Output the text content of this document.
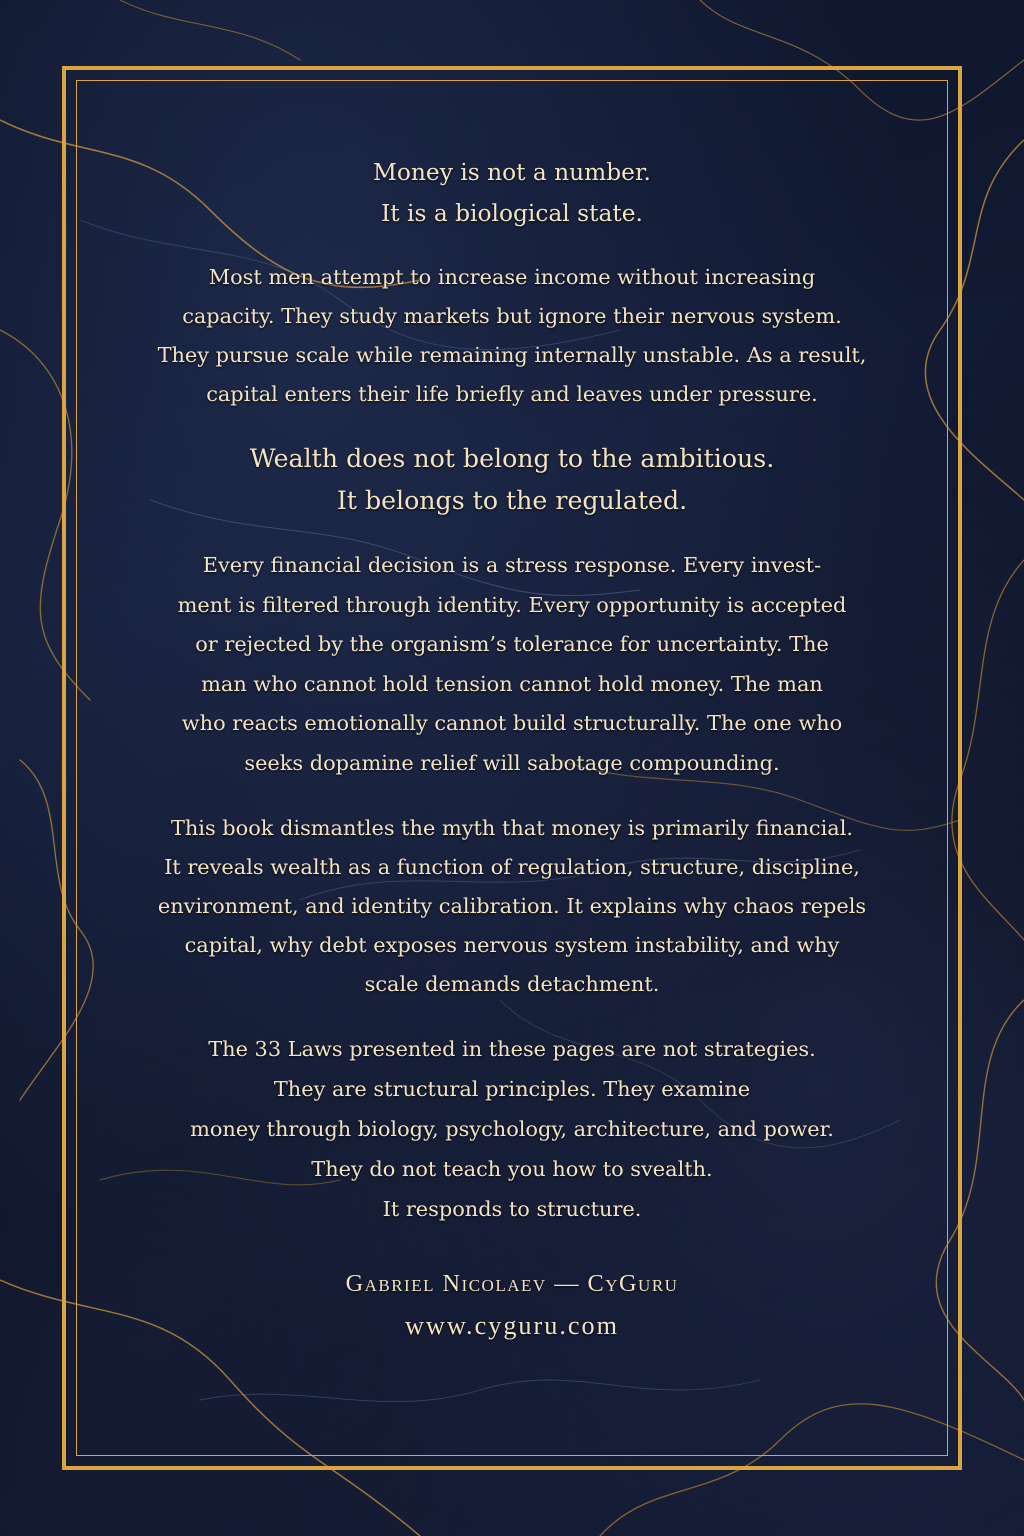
Money is not a number.
It is a biological state.
Most men attempt to increase income without increasing
capacity. They study markets but ignore their nervous system.
They pursue scale while remaining internally unstable. As a result,
capital enters their life briefly and leaves under pressure.
Wealth does not belong to the ambitious.
It belongs to the regulated.
Every financial decision is a stress response. Every invest-
ment is filtered through identity. Every opportunity is accepted
or rejected by the organism’s tolerance for uncertainty. The
man who cannot hold tension cannot hold money. The man
who reacts emotionally cannot build structurally. The one who
seeks dopamine relief will sabotage compounding.
This book dismantles the myth that money is primarily financial.
It reveals wealth as a function of regulation, structure, discipline,
environment, and identity calibration. It explains why chaos repels
capital, why debt exposes nervous system instability, and why
scale demands detachment.
The 33 Laws presented in these pages are not strategies.
They are structural principles. They examine
money through biology, psychology, architecture, and power.
They do not teach you how to svealth.
It responds to structure.
Gabriel Nicolaev — CyGuru
www.cyguru.com
